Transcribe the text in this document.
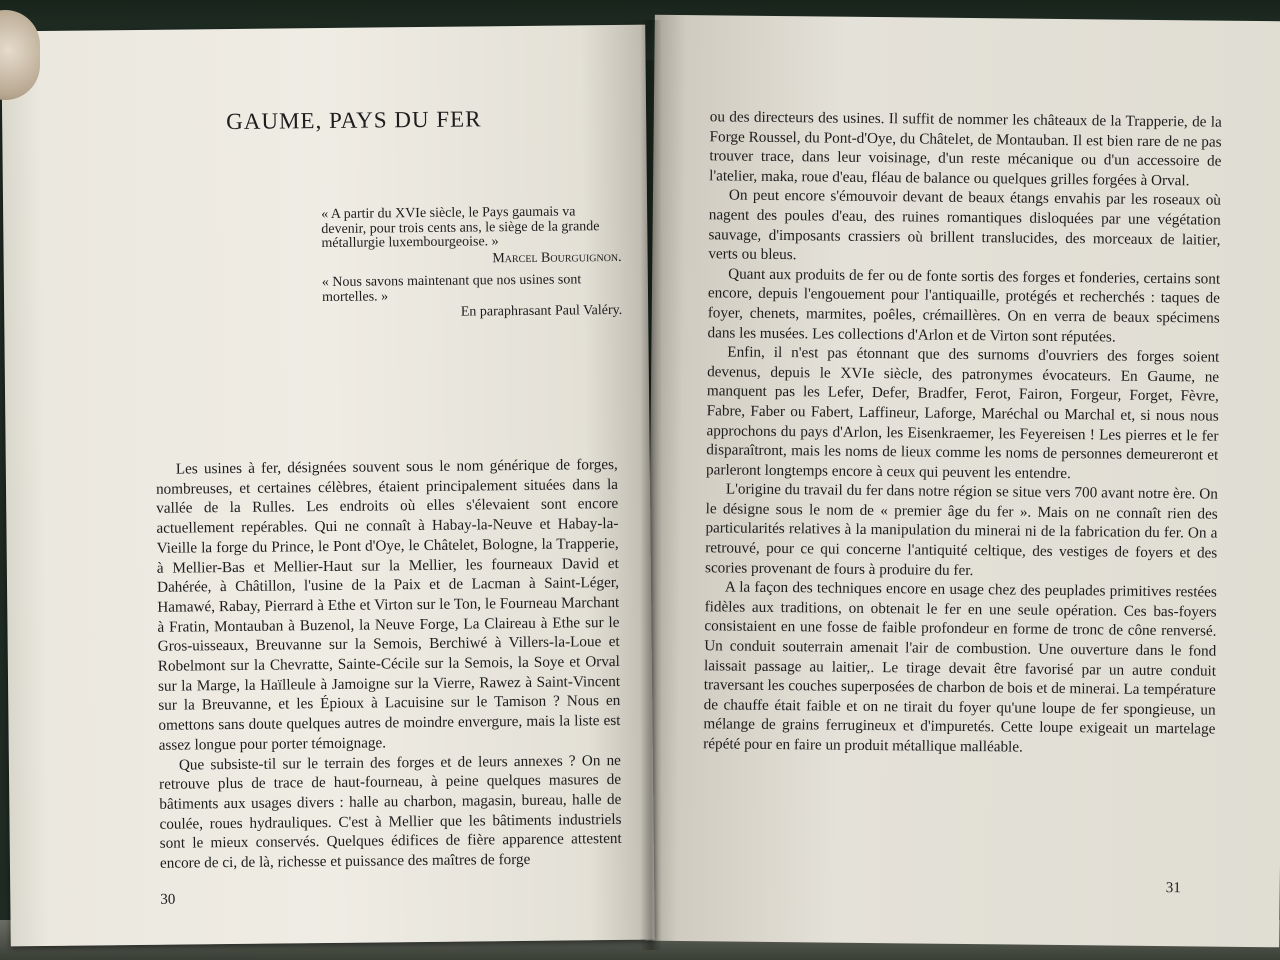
ou des directeurs des usines. Il suffit de nommer les châteaux de la Trapperie, de la Forge Roussel, du Pont-d'Oye, du Châtelet, de Montauban. Il est bien rare de ne pas trouver trace, dans leur voisinage, d'un reste mécanique ou d'un accessoire de l'atelier, maka, roue d'eau, fléau de balance ou quelques grilles forgées à Orval.

On peut encore s'émouvoir devant de beaux étangs envahis par les roseaux où nagent des poules d'eau, des ruines romantiques disloquées par une végétation sauvage, d'imposants crassiers où brillent translucides, des morceaux de laitier, verts ou bleus.

Quant aux produits de fer ou de fonte sortis des forges et fonderies, certains sont encore, depuis l'engouement pour l'antiquaille, protégés et recherchés : taques de foyer, chenets, marmites, poêles, crémaillères. On en verra de beaux spécimens dans les musées. Les collections d'Arlon et de Virton sont réputées.

Enfin, il n'est pas étonnant que des surnoms d'ouvriers des forges soient devenus, depuis le XVIe siècle, des patronymes évocateurs. En Gaume, ne manquent pas les Lefer, Defer, Bradfer, Ferot, Fairon, Forgeur, Forget, Fèvre, Fabre, Faber ou Fabert, Laffineur, Laforge, Maréchal ou Marchal et, si nous nous approchons du pays d'Arlon, les Eisenkraemer, les Feyereisen ! Les pierres et le fer disparaîtront, mais les noms de lieux comme les noms de personnes demeureront et parleront longtemps encore à ceux qui peuvent les entendre.

L'origine du travail du fer dans notre région se situe vers 700 avant notre ère. On le désigne sous le nom de « premier âge du fer ». Mais on ne connaît rien des particularités relatives à la manipulation du minerai ni de la fabrication du fer. On a retrouvé, pour ce qui concerne l'antiquité celtique, des vestiges de foyers et des scories provenant de fours à produire du fer.

A la façon des techniques encore en usage chez des peuplades primitives restées fidèles aux traditions, on obtenait le fer en une seule opération. Ces bas-foyers consistaient en une fosse de faible profondeur en forme de tronc de cône renversé. Un conduit souterrain amenait l'air de combustion. Une ouverture dans le fond laissait passage au laitier,. Le tirage devait être favorisé par un autre conduit traversant les couches superposées de charbon de bois et de minerai. La température de chauffe était faible et on ne tirait du foyer qu'une loupe de fer spongieuse, un mélange de grains ferrugineux et d'impuretés. Cette loupe exigeait un martelage répété pour en faire un produit métallique malléable.

31
GAUME, PAYS DU FER
« A partir du XVIe siècle, le Pays gaumais va devenir, pour trois cents ans, le siège de la grande métallurgie luxembourgeoise. »
Marcel Bourguignon.
« Nous savons maintenant que nos usines sont mortelles. »
En paraphrasant Paul Valéry.

Les usines à fer, désignées souvent sous le nom générique de forges, nombreuses, et certaines célèbres, étaient principalement situées dans la vallée de la Rulles. Les endroits où elles s'élevaient sont encore actuellement repérables. Qui ne connaît à Habay-la-Neuve et Habay-la-Vieille la forge du Prince, le Pont d'Oye, le Châtelet, Bologne, la Trapperie, à Mellier-Bas et Mellier-Haut sur la Mellier, les fourneaux David et Dahérée, à Châtillon, l'usine de la Paix et de Lacman à Saint-Léger, Hamawé, Rabay, Pierrard à Ethe et Virton sur le Ton, le Fourneau Marchant à Fratin, Montauban à Buzenol, la Neuve Forge, La Claireau à Ethe sur le Gros-uisseaux, Breuvanne sur la Semois, Berchiwé à Villers-la-Loue et Robelmont sur la Chevratte, Sainte-Cécile sur la Semois, la Soye et Orval sur la Marge, la Haïlleule à Jamoigne sur la Vierre, Rawez à Saint-Vincent sur la Breuvanne, et les Épioux à Lacuisine sur le Tamison ? Nous en omettons sans doute quelques autres de moindre envergure, mais la liste est assez longue pour porter témoignage.

Que subsiste-til sur le terrain des forges et de leurs annexes ? On ne retrouve plus de trace de haut-fourneau, à peine quelques masures de bâtiments aux usages divers : halle au charbon, magasin, bureau, halle de coulée, roues hydrauliques. C'est à Mellier que les bâtiments industriels sont le mieux conservés. Quelques édifices de fière apparence attestent encore de ci, de là, richesse et puissance des maîtres de forge

30
